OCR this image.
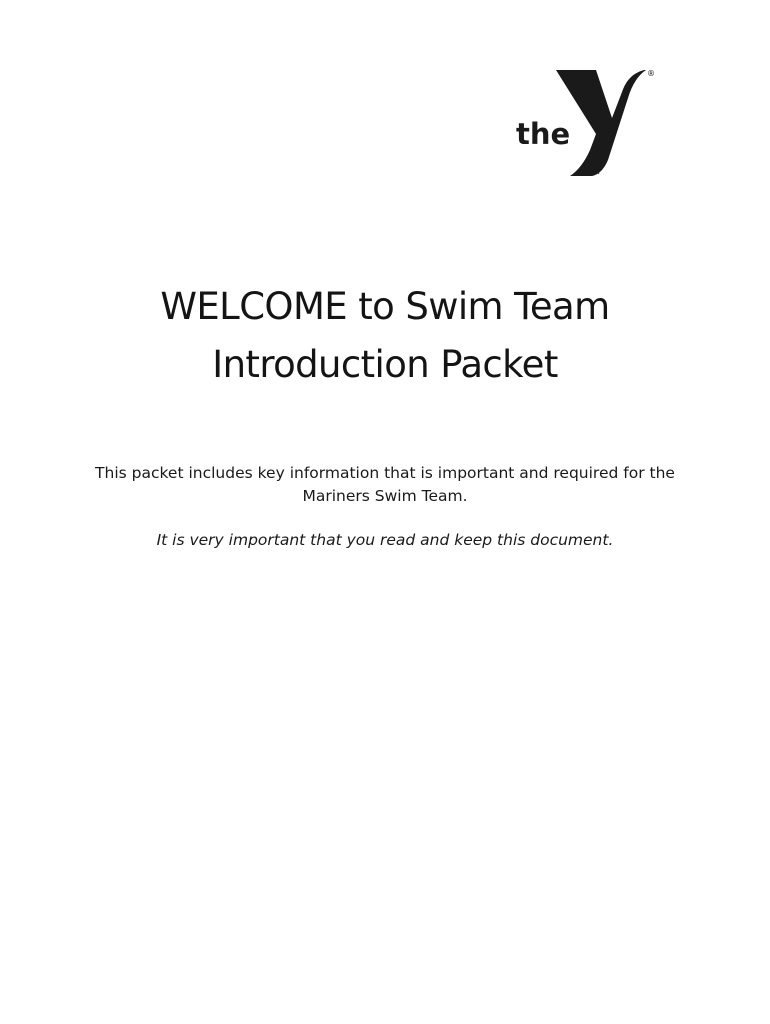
the
YMCA
®

WELCOME to Swim Team

Introduction Packet

This packet includes key information that is important and required for the
Mariners Swim Team.

It is very important that you read and keep this document.
